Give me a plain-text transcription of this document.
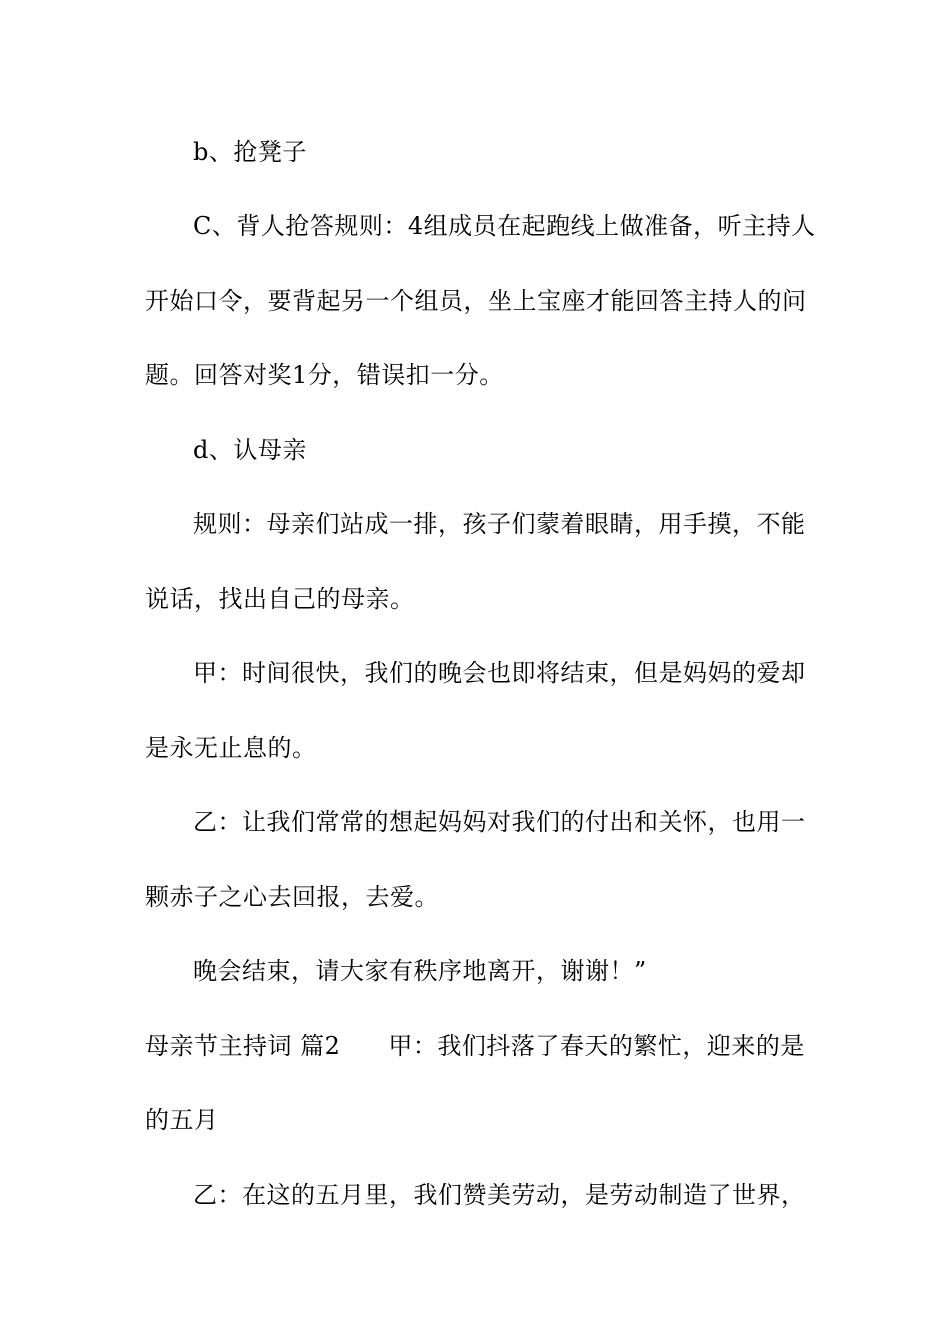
b、抢凳子
C、背人抢答规则：4组成员在起跑线上做准备，听主持人
开始口令，要背起另一个组员，坐上宝座才能回答主持人的问
题。回答对奖1分，错误扣一分。
d、认母亲
规则：母亲们站成一排，孩子们蒙着眼睛，用手摸，不能
说话，找出自己的母亲。
甲：时间很快，我们的晚会也即将结束，但是妈妈的爱却
是永无止息的。
乙：让我们常常的想起妈妈对我们的付出和关怀，也用一
颗赤子之心去回报，去爱。
晚会结束，请大家有秩序地离开，谢谢！”
母亲节主持词 篇2 甲：我们抖落了春天的繁忙，迎来的是
的五月
乙：在这的五月里，我们赞美劳动，是劳动制造了世界，
